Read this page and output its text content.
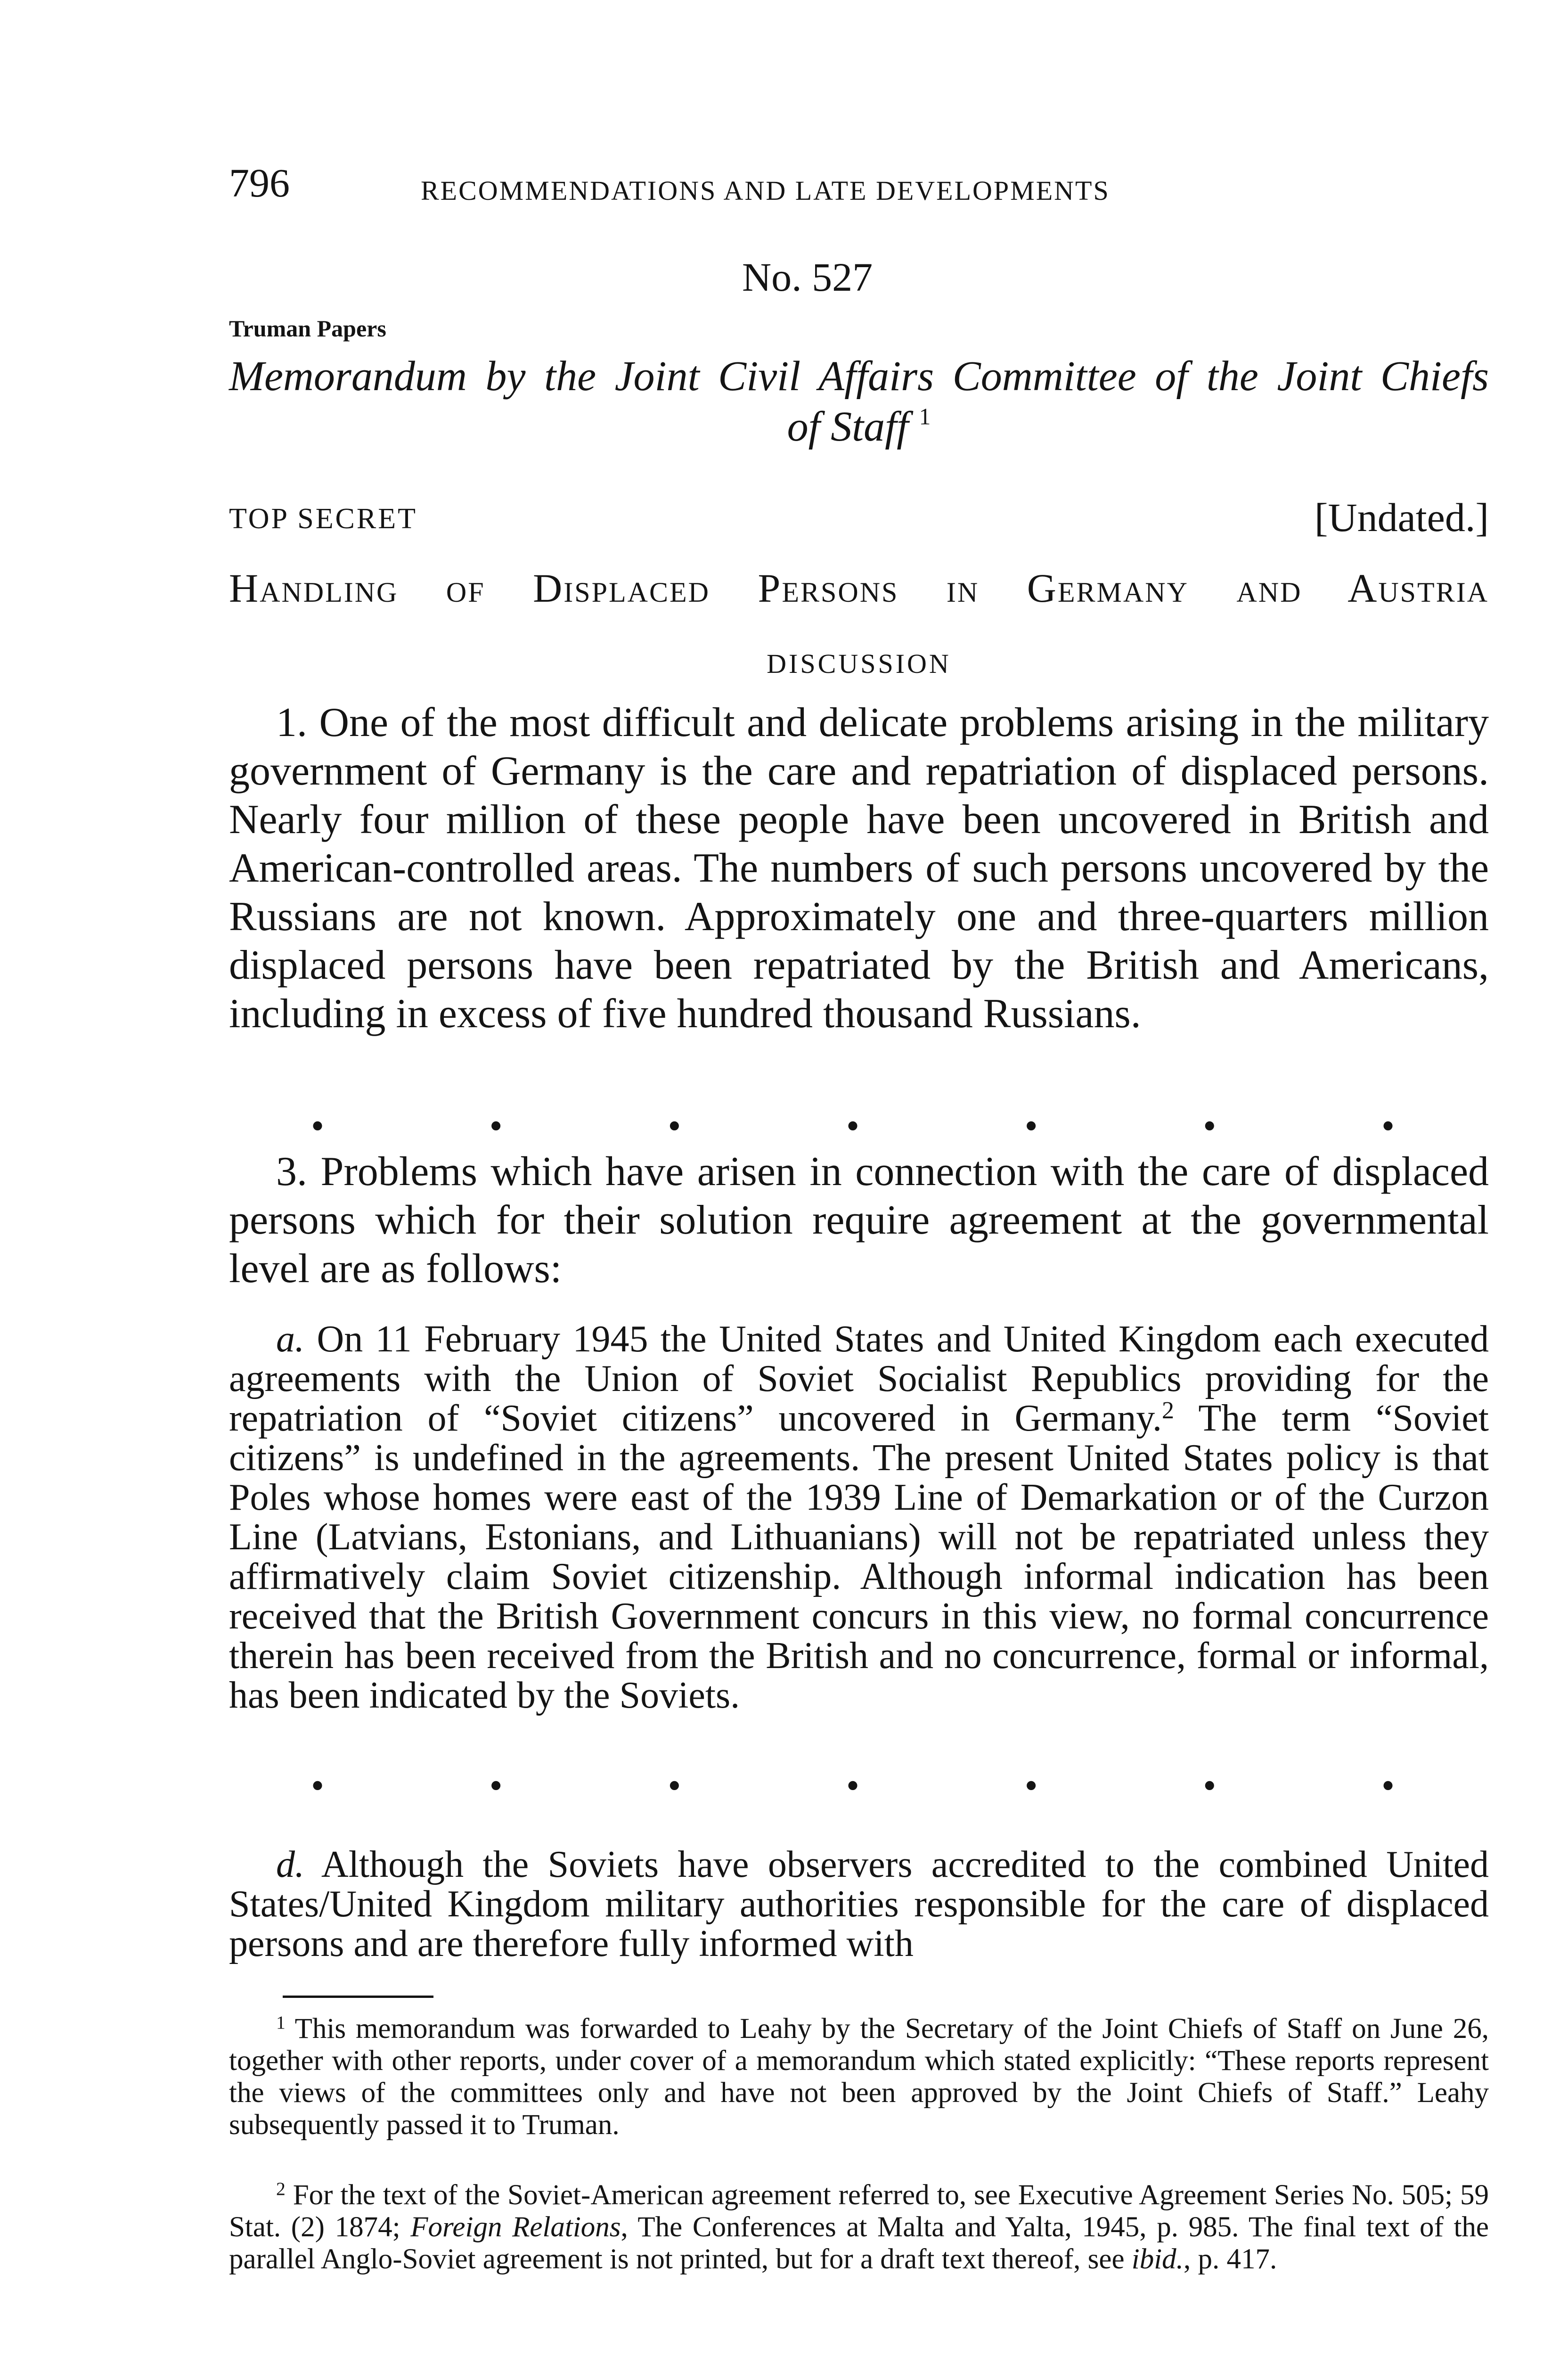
796	RECOMMENDATIONS AND LATE DEVELOPMENTS
No. 527
Truman Papers
Memorandum by the Joint Civil Affairs Committee of the Joint Chiefs
of Staff $^1$
TOP SECRET	[Undated.]
Handling of Displaced Persons in Germany and Austria
DISCUSSION
1. One of the most difficult and delicate problems arising in the military government of Germany is the care and repatriation of displaced persons. Nearly four million of these people have been uncovered in British and American-controlled areas. The numbers of such persons uncovered by the Russians are not known. Approximately one and three-quarters million displaced persons have been repatriated by the British and Americans, including in excess of five hundred thousand Russians.
•	•	•	•	•	•	•
3. Problems which have arisen in connection with the care of displaced persons which for their solution require agreement at the governmental level are as follows:
a. On 11 February 1945 the United States and United Kingdom each executed agreements with the Union of Soviet Socialist Republics providing for the repatriation of “Soviet citizens” uncovered in Germany.$^2$ The term “Soviet citizens” is undefined in the agreements. The present United States policy is that Poles whose homes were east of the 1939 Line of Demarkation or of the Curzon Line (Latvians, Estonians, and Lithuanians) will not be repatriated unless they affirmatively claim Soviet citizenship. Although informal indication has been received that the British Government concurs in this view, no formal concurrence therein has been received from the British and no concurrence, formal or informal, has been indicated by the Soviets.
•	•	•	•	•	•	•
d. Although the Soviets have observers accredited to the combined United States/United Kingdom military authorities responsible for the care of displaced persons and are therefore fully informed with
$^1$ This memorandum was forwarded to Leahy by the Secretary of the Joint Chiefs of Staff on June 26, together with other reports, under cover of a memorandum which stated explicitly: “These reports represent the views of the committees only and have not been approved by the Joint Chiefs of Staff.” Leahy subsequently passed it to Truman.
$^2$ For the text of the Soviet-American agreement referred to, see Executive Agreement Series No. 505; 59 Stat. (2) 1874; Foreign Relations, The Conferences at Malta and Yalta, 1945, p. 985. The final text of the parallel Anglo-Soviet agreement is not printed, but for a draft text thereof, see ibid., p. 417.
